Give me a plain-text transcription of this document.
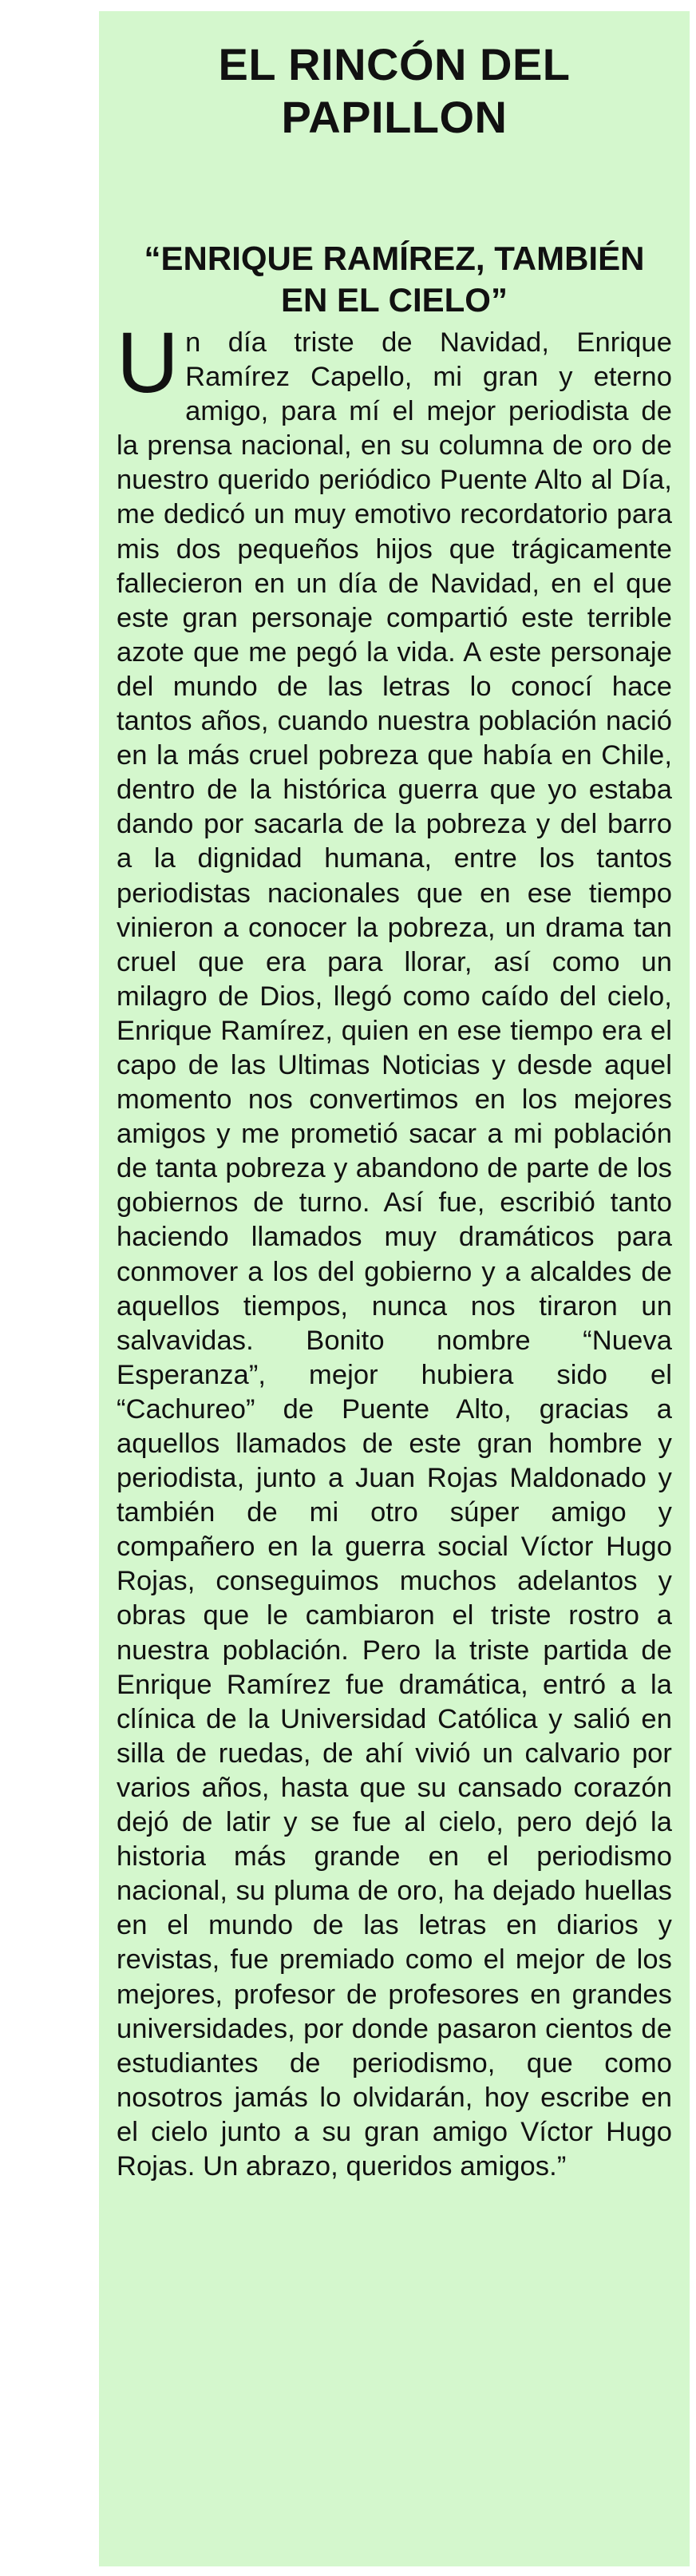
EL RINCÓN DEL PAPILLON
“ENRIQUE RAMÍREZ, TAMBIÉN EN EL CIELO”

Un día triste de Navidad, Enrique Ramírez Capello, mi gran y eterno amigo, para mí el mejor periodista de la prensa nacional, en su columna de oro de nuestro querido periódico Puente Alto al Día, me dedicó un muy emotivo recordatorio para mis dos pequeños hijos que trágicamente fallecieron en un día de Navidad, en el que este gran personaje compartió este terrible azote que me pegó la vida. A este personaje del mundo de las letras lo conocí hace tantos años, cuando nuestra población nació en la más cruel pobreza que había en Chile, dentro de la histórica guerra que yo estaba dando por sacarla de la pobreza y del barro a la dignidad humana, entre los tantos periodistas nacionales que en ese tiempo vinieron a conocer la pobreza, un drama tan cruel que era para llorar, así como un milagro de Dios, llegó como caído del cielo, Enrique Ramírez, quien en ese tiempo era el capo de las Ultimas Noticias y desde aquel momento nos convertimos en los mejores amigos y me prometió sacar a mi población de tanta pobreza y abandono de parte de los gobiernos de turno. Así fue, escribió tanto haciendo llamados muy dramáticos para conmover a los del gobierno y a alcaldes de aquellos tiempos, nunca nos tiraron un salvavidas. Bonito nombre “Nueva Esperanza”, mejor hubiera sido el “Cachureo” de Puente Alto, gracias a aquellos llamados de este gran hombre y periodista, junto a Juan Rojas Maldonado y también de mi otro súper amigo y compañero en la guerra social Víctor Hugo Rojas, conseguimos muchos adelantos y obras que le cambiaron el triste rostro a nuestra población. Pero la triste partida de Enrique Ramírez fue dramática, entró a la clínica de la Universidad Católica y salió en silla de ruedas, de ahí vivió un calvario por varios años, hasta que su cansado corazón dejó de latir y se fue al cielo, pero dejó la historia más grande en el periodismo nacional, su pluma de oro, ha dejado huellas en el mundo de las letras en diarios y revistas, fue premiado como el mejor de los mejores, profesor de profesores en grandes universidades, por donde pasaron cientos de estudiantes de periodismo, que como nosotros jamás lo olvidarán, hoy escribe en el cielo junto a su gran amigo Víctor Hugo Rojas. Un abrazo, queridos amigos.”
